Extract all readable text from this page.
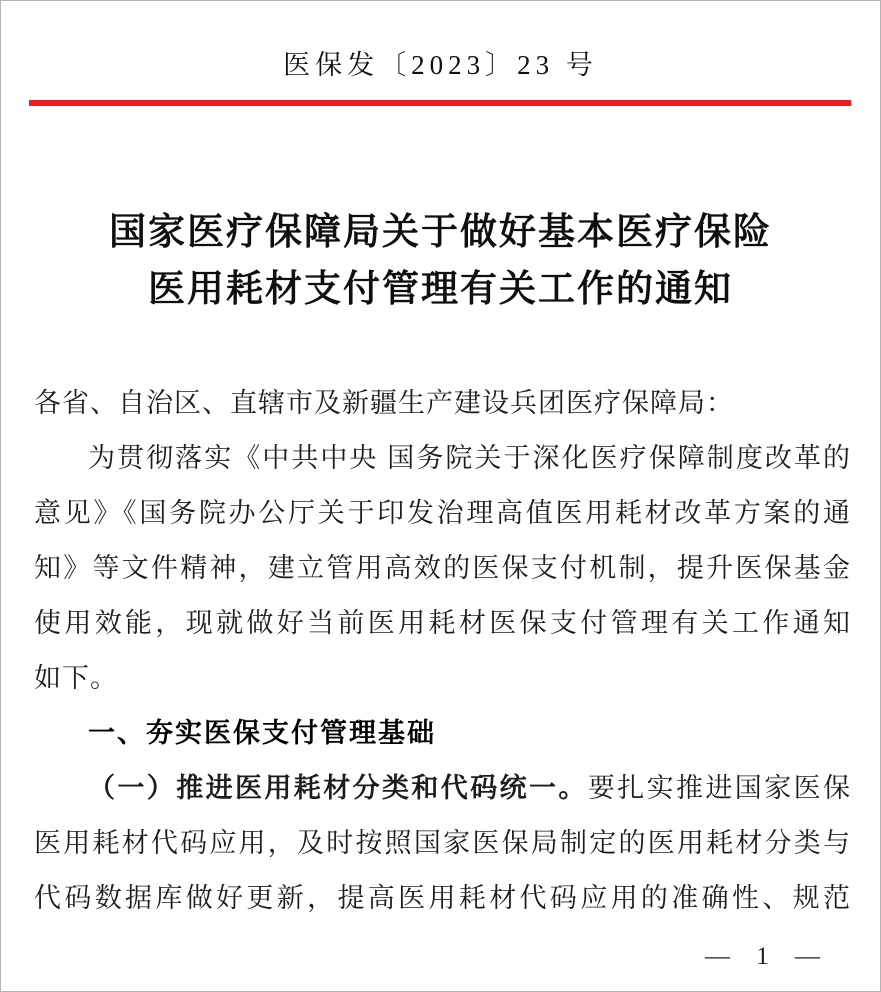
医保发〔2023〕23 号
国家医疗保障局关于做好基本医疗保险
医用耗材支付管理有关工作的通知
各省、自治区、直辖市及新疆生产建设兵团医疗保障局：
为贯彻落实《中共中央 国务院关于深化医疗保障制度改革的
意见》《国务院办公厅关于印发治理高值医用耗材改革方案的通
知》等文件精神，建立管用高效的医保支付机制，提升医保基金
使用效能，现就做好当前医用耗材医保支付管理有关工作通知
如下。
一、夯实医保支付管理基础
（一）推进医用耗材分类和代码统一。要扎实推进国家医保
医用耗材代码应用，及时按照国家医保局制定的医用耗材分类与
代码数据库做好更新，提高医用耗材代码应用的准确性、规范
— 1 —
